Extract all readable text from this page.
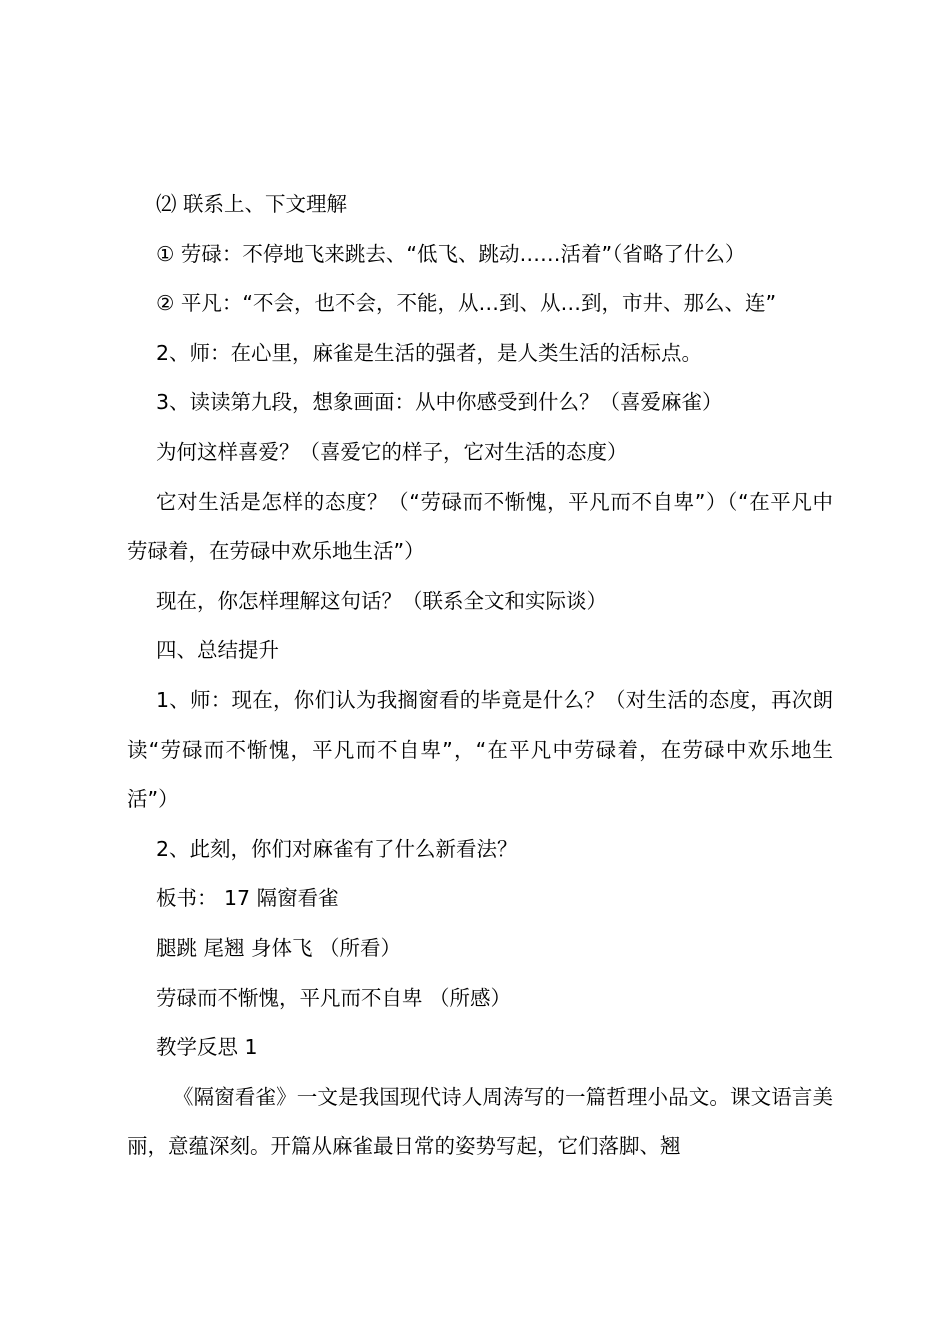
⑵ 联系上、下文理解

① 劳碌：不停地飞来跳去、“低飞、跳动……活着”（省略了什么）

② 平凡：“不会，也不会，不能，从…到、从…到，市井、那么、连”

2、师：在心里，麻雀是生活的强者，是人类生活的活标点。

3、读读第九段，想象画面：从中你感受到什么？（喜爱麻雀）

为何这样喜爱？（喜爱它的样子，它对生活的态度）

它对生活是怎样的态度？（“劳碌而不惭愧，平凡而不自卑”）（“在平凡中劳碌着，在劳碌中欢乐地生活”）

现在，你怎样理解这句话？（联系全文和实际谈）

四、总结提升

1、师：现在，你们认为我搁窗看的毕竟是什么？（对生活的态度，再次朗读“劳碌而不惭愧，平凡而不自卑”，“在平凡中劳碌着，在劳碌中欢乐地生活”）

2、此刻，你们对麻雀有了什么新看法？

板书： 17 隔窗看雀

腿跳 尾翘 身体飞 （所看）

劳碌而不惭愧，平凡而不自卑 （所感）

教学反思 1

《隔窗看雀》一文是我国现代诗人周涛写的一篇哲理小品文。课文语言美丽，意蕴深刻。开篇从麻雀最日常的姿势写起，它们落脚、翘
